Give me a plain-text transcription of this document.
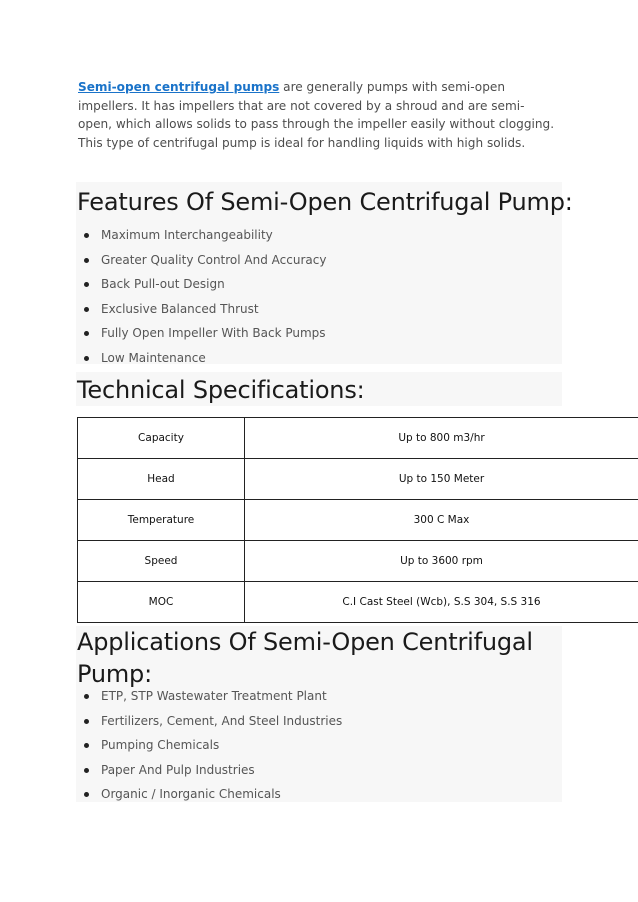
Semi-open centrifugal pumps are generally pumps with semi-open impellers. It has impellers that are not covered by a shroud and are semi-open, which allows solids to pass through the impeller easily without clogging. This type of centrifugal pump is ideal for handling liquids with high solids.

Features Of Semi-Open Centrifugal Pump:
Maximum Interchangeability
Greater Quality Control And Accuracy
Back Pull-out Design
Exclusive Balanced Thrust
Fully Open Impeller With Back Pumps
Low Maintenance
Technical Specifications:
Capacity	Up to 800 m3/hr
Head	Up to 150 Meter
Temperature	300 C Max
Speed	Up to 3600 rpm
MOC	C.I Cast Steel (Wcb), S.S 304, S.S 316
Applications Of Semi-Open Centrifugal
Pump:
ETP, STP Wastewater Treatment Plant
Fertilizers, Cement, And Steel Industries
Pumping Chemicals
Paper And Pulp Industries
Organic / Inorganic Chemicals
